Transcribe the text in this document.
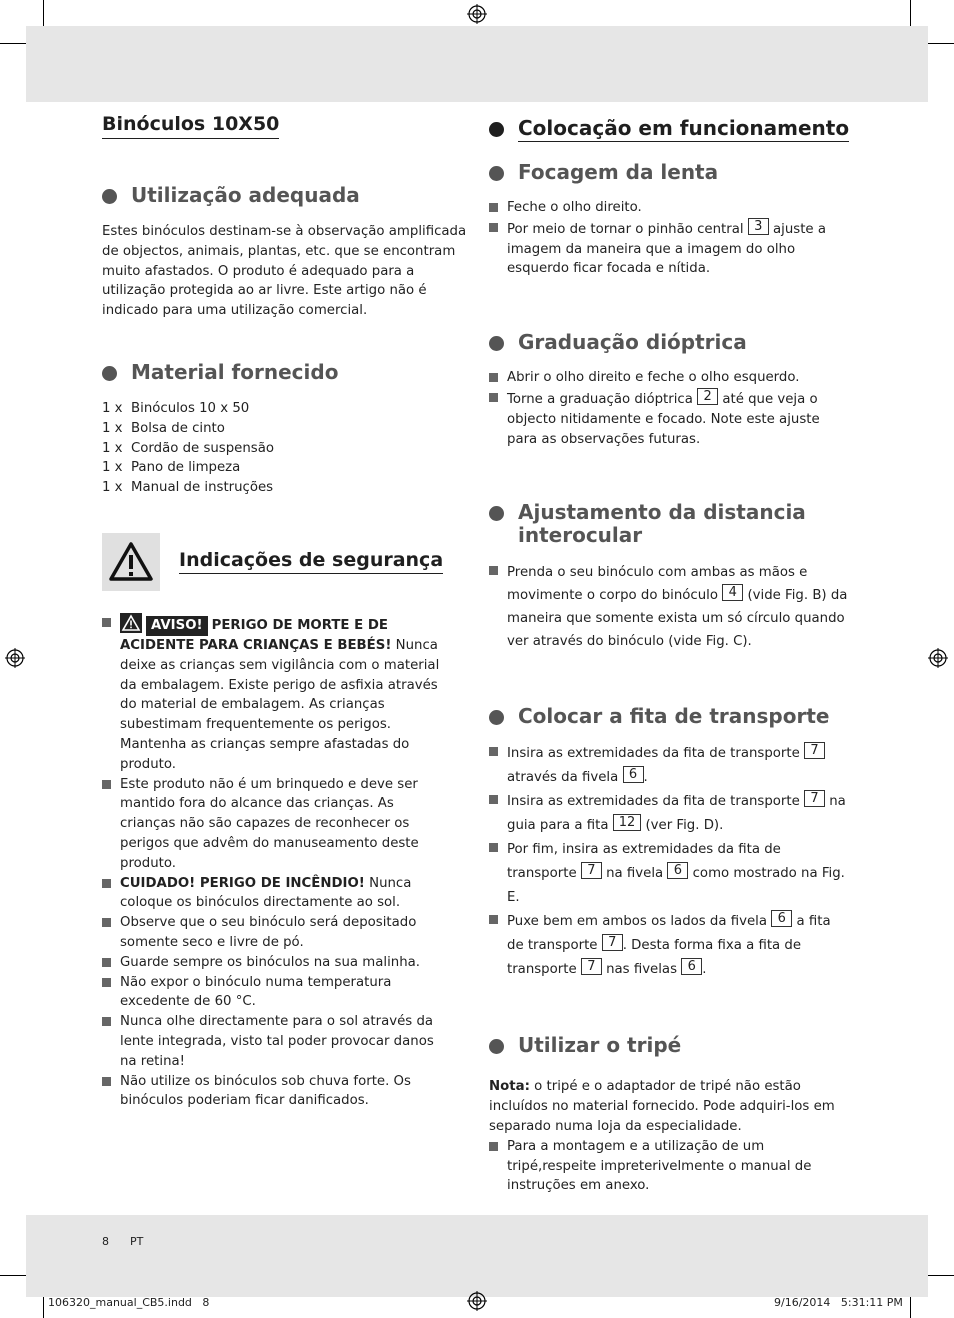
Binóculos 10X50
Utilização adequada

Estes binóculos destinam-se à observação amplificada de objectos, animais, plantas, etc. que se encontram muito afastados. O produto é adequado para a utilização protegida ao ar livre. Este artigo não é indicado para uma utilização comercial.

Material fornecido
1 x Binóculos 10 x 50
1 x Bolsa de cinto
1 x Cordão de suspensão
1 x Pano de limpeza
1 x Manual de instruções
Indicações de segurança
AVISO! PERIGO DE MORTE E DE ACIDENTE PARA CRIANÇAS E BEBÉS! Nunca deixe as crianças sem vigilância com o material da embalagem. Existe perigo de asfixia através do material de embalagem. As crianças subestimam frequentemente os perigos. Mantenha as crianças sempre afastadas do produto.
Este produto não é um brinquedo e deve ser mantido fora do alcance das crianças. As crianças não são capazes de reconhecer os perigos que advêm do manuseamento deste produto.
CUIDADO! PERIGO DE INCÊNDIO! Nunca coloque os binóculos directamente ao sol.
Observe que o seu binóculo será depositado somente seco e livre de pó.
Guarde sempre os binóculos na sua malinha.
Não expor o binóculo numa temperatura excedente de 60 °C.
Nunca olhe directamente para o sol através da lente integrada, visto tal poder provocar danos na retina!
Não utilize os binóculos sob chuva forte. Os binóculos poderiam ficar danificados.
Colocação em funcionamento
Focagem da lenta
Feche o olho direito.
Por meio de tornar o pinhão central 3 ajuste a imagem da maneira que a imagem do olho esquerdo ficar focada e nítida.
Graduação dióptrica
Abrir o olho direito e feche o olho esquerdo.
Torne a graduação dióptrica 2 até que veja o objecto nitidamente e focado. Note este ajuste para as observações futuras.
Ajustamento da distancia interocular
Prenda o seu binóculo com ambas as mãos e movimente o corpo do binóculo 4 (vide Fig. B) da maneira que somente exista um só círculo quando ver através do binóculo (vide Fig. C).
Colocar a fita de transporte
Insira as extremidades da fita de transporte 7 através da fivela 6 .
Insira as extremidades da fita de transporte 7 na guia para a fita 12 (ver Fig. D).
Por fim, insira as extremidades da fita de transporte 7 na fivela 6 como mostrado na Fig. E.
Puxe bem em ambos os lados da fivela 6 a fita de transporte 7 . Desta forma fixa a fita de transporte 7 nas fivelas 6 .
Utilizar o tripé

Nota: o tripé e o adaptador de tripé não estão incluídos no material fornecido. Pode adquiri-los em separado numa loja da especialidade.

Para a montagem e a utilização de um tripé,respeite impreterivelmente o manual de instruções em anexo.
8 PT
106320_manual_CB5.indd   8	9/16/2014   5:31:11 PM
